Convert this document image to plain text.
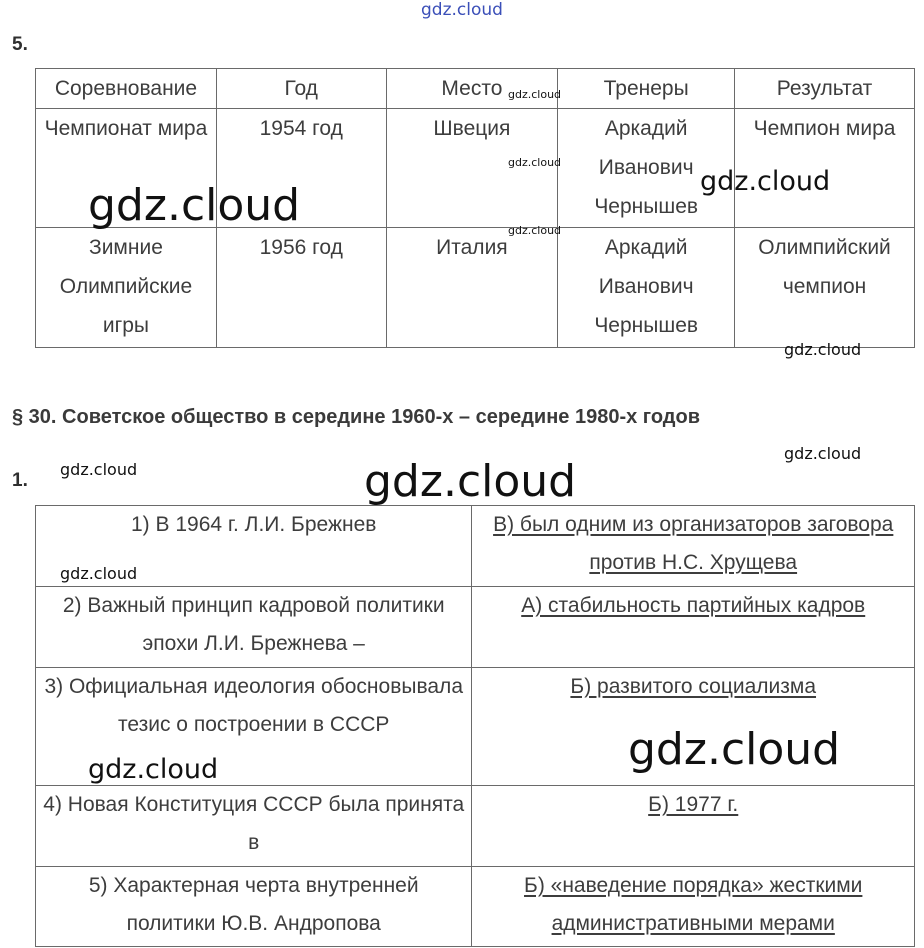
gdz.cloud
5.
Соревнование	Год	Место	Тренеры	Результат
Чемпионат мира	1954 год	Швеция	Аркадий Иванович Чернышев	Чемпион мира
Зимние Олимпийские игры	1956 год	Италия	Аркадий Иванович Чернышев	Олимпийский чемпион
§ 30. Советское общество в середине 1960-х – середине 1980-х годов
1.
1) В 1964 г. Л.И. Брежнев	В) был одним из организаторов заговора против Н.С. Хрущева
2) Важный принцип кадровой политики эпохи Л.И. Брежнева –	А) стабильность партийных кадров
3) Официальная идеология обосновывала тезис о построении в СССР	Б) развитого социализма
4) Новая Конституция СССР была принята в	Б) 1977 г.
5) Характерная черта внутренней политики Ю.В. Андропова	Б) «наведение порядка» жесткими административными мерами
gdz.cloud	gdz.cloud
gdz.cloud
gdz.cloud
gdz.cloud
gdz.cloud
gdz.cloud
gdz.cloud	gdz.cloud
gdz.cloud
gdz.cloud
gdz.cloud
